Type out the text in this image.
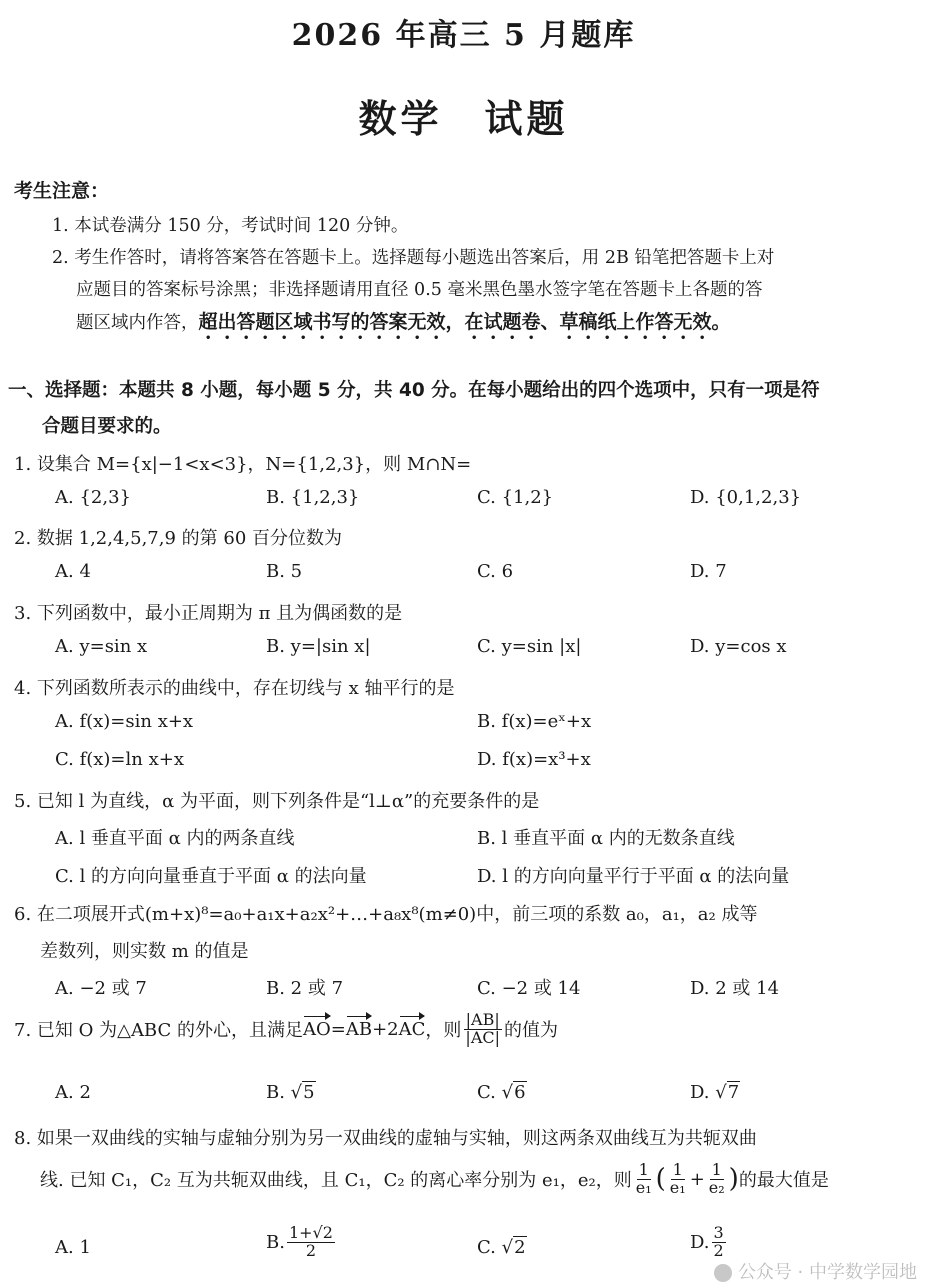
2026 年高三 5 月题库
数学　试题
考生注意：
1. 本试卷满分 150 分，考试时间 120 分钟。
2. 考生作答时，请将答案答在答题卡上。选择题每小题选出答案后，用 2B 铅笔把答题卡上对
应题目的答案标号涂黑；非选择题请用直径 0.5 毫米黑色墨水签字笔在答题卡上各题的答
题区域内作答，超出答题区域书写的答案无效，在试题卷、草稿纸上作答无效。
一、选择题：本题共 8 小题，每小题 5 分，共 40 分。在每小题给出的四个选项中，只有一项是符
合题目要求的。
1. 设集合 M={x|−1<x<3}，N={1,2,3}，则 M∩N=
A. {2,3}	B. {1,2,3}	C. {1,2}	D. {0,1,2,3}
2. 数据 1,2,4,5,7,9 的第 60 百分位数为
A. 4	B. 5	C. 6	D. 7
3. 下列函数中，最小正周期为 π 且为偶函数的是
A. y=sin x	B. y=|sin x|	C. y=sin |x|	D. y=cos x
4. 下列函数所表示的曲线中，存在切线与 x 轴平行的是
A. f(x)=sin x+x	B. f(x)=eˣ+x
C. f(x)=ln x+x	D. f(x)=x³+x
5. 已知 l 为直线，α 为平面，则下列条件是“l⊥α”的充要条件的是
A. l 垂直平面 α 内的两条直线	B. l 垂直平面 α 内的无数条直线
C. l 的方向向量垂直于平面 α 的法向量	D. l 的方向向量平行于平面 α 的法向量
6. 在二项展开式(m+x)⁸=a₀+a₁x+a₂x²+…+a₈x⁸(m≠0)中，前三项的系数 a₀，a₁，a₂ 成等
差数列，则实数 m 的值是
A. −2 或 7	B. 2 或 7	C. −2 或 14	D. 2 或 14
7. 已知 O 为△ABC 的外心，且满足 AO = AB +2 AC ，则 $\frac{|AB|}{|AC|}$ 的值为
A. 2	B. √5	C. √6	D. √7
8. 如果一双曲线的实轴与虚轴分别为另一双曲线的虚轴与实轴，则这两条双曲线互为共轭双曲
线. 已知 C₁，C₂ 互为共轭双曲线，且 C₁，C₂ 的离心率分别为 e₁，e₂，则 $\frac{1}{\text{e₁}}$ ( $\frac{1}{\text{e₁}} + \frac{1}{\text{e₂}}$ ) 的最大值是
A. 1	B. $\frac{1+√2}{2}$	C. √2	D. $\frac{3}{2}$
公众号 · 中学数学园地
